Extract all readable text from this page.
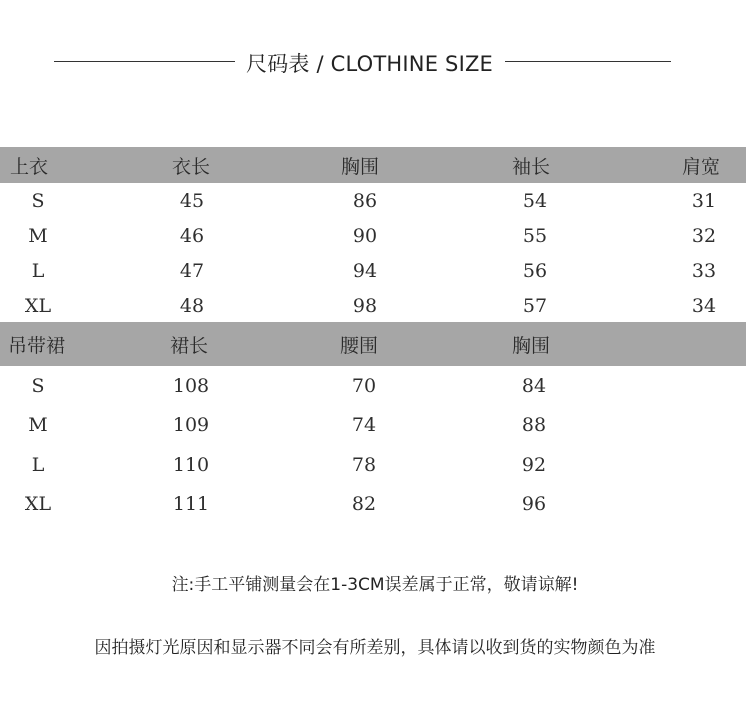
尺码表 / CLOTHINE SIZE
上衣	衣长	胸围	袖长	肩宽
S	45	86	54	31
M	46	90	55	32
L	47	94	56	33
XL	48	98	57	34
吊带裙	裙长	腰围	胸围
S	108	70	84
M	109	74	88
L	110	78	92
XL	111	82	96
注:手工平铺测量会在1-3CM误差属于正常，敬请谅解!
因拍摄灯光原因和显示器不同会有所差别，具体请以收到货的实物颜色为准
